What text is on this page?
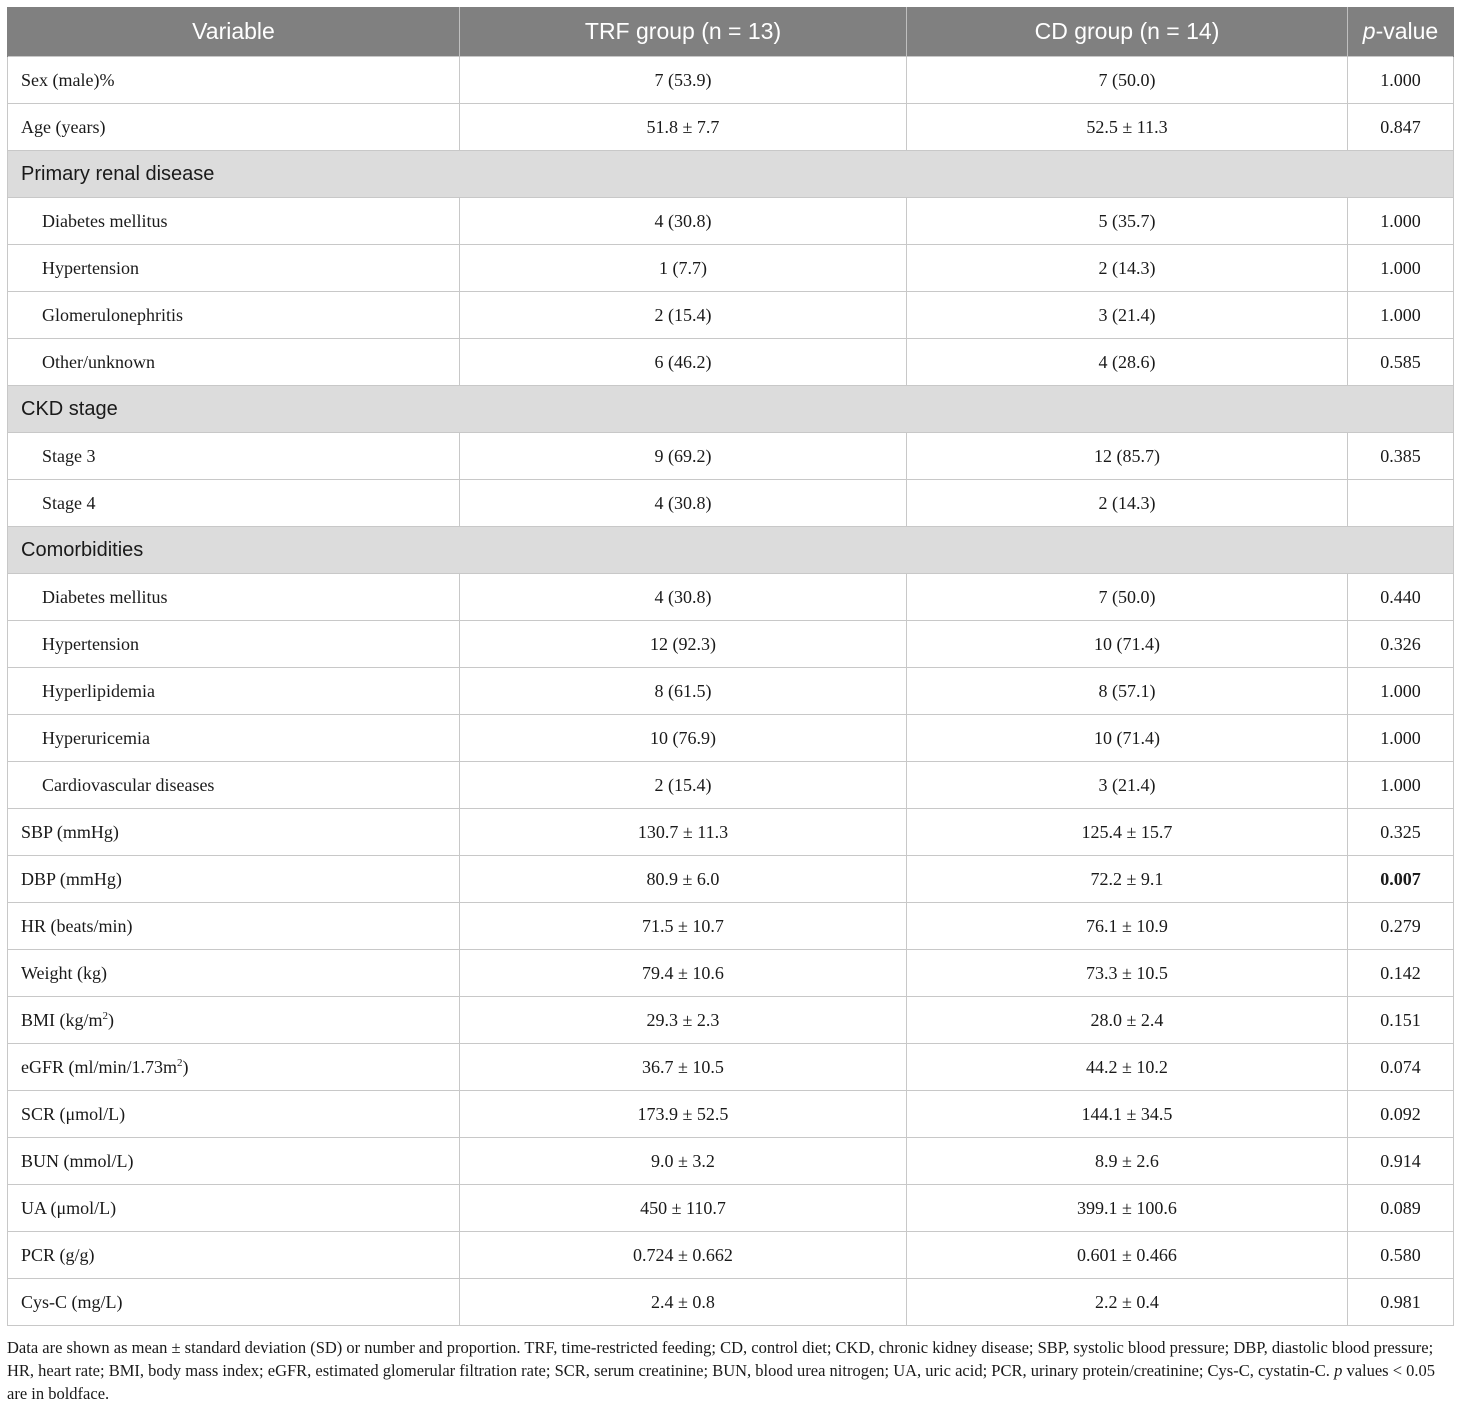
Variable	TRF group (n = 13)	CD group (n = 14)	p-value
Sex (male)%	7 (53.9)	7 (50.0)	1.000
Age (years)	51.8 ± 7.7	52.5 ± 11.3	0.847
Primary renal disease			
Diabetes mellitus	4 (30.8)	5 (35.7)	1.000
Hypertension	1 (7.7)	2 (14.3)	1.000
Glomerulonephritis	2 (15.4)	3 (21.4)	1.000
Other/unknown	6 (46.2)	4 (28.6)	0.585
CKD stage			
Stage 3	9 (69.2)	12 (85.7)	0.385
Stage 4	4 (30.8)	2 (14.3)	
Comorbidities			
Diabetes mellitus	4 (30.8)	7 (50.0)	0.440
Hypertension	12 (92.3)	10 (71.4)	0.326
Hyperlipidemia	8 (61.5)	8 (57.1)	1.000
Hyperuricemia	10 (76.9)	10 (71.4)	1.000
Cardiovascular diseases	2 (15.4)	3 (21.4)	1.000
SBP (mmHg)	130.7 ± 11.3	125.4 ± 15.7	0.325
DBP (mmHg)	80.9 ± 6.0	72.2 ± 9.1	0.007
HR (beats/min)	71.5 ± 10.7	76.1 ± 10.9	0.279
Weight (kg)	79.4 ± 10.6	73.3 ± 10.5	0.142
BMI $(kg/m^2)$	29.3 ± 2.3	28.0 ± 2.4	0.151
eGFR $(ml/\min/1.73m^2)$	36.7 ± 10.5	44.2 ± 10.2	0.074
SCR (μmol/L)	173.9 ± 52.5	144.1 ± 34.5	0.092
BUN (mmol/L)	9.0 ± 3.2	8.9 ± 2.6	0.914
UA (μmol/L)	450 ± 110.7	399.1 ± 100.6	0.089
PCR (g/g)	0.724 ± 0.662	0.601 ± 0.466	0.580
Cys-C (mg/L)	2.4 ± 0.8	2.2 ± 0.4	0.981
Data are shown as mean ± standard deviation (SD) or number and proportion. TRF, time-restricted feeding; CD, control diet; CKD, chronic kidney disease; SBP, systolic blood pressure; DBP, diastolic blood pressure; HR, heart rate; BMI, body mass index; eGFR, estimated glomerular filtration rate; SCR, serum creatinine; BUN, blood urea nitrogen; UA, uric acid; PCR, urinary protein/creatinine; Cys-C, cystatin-C. p values < 0.05 are in boldface.
